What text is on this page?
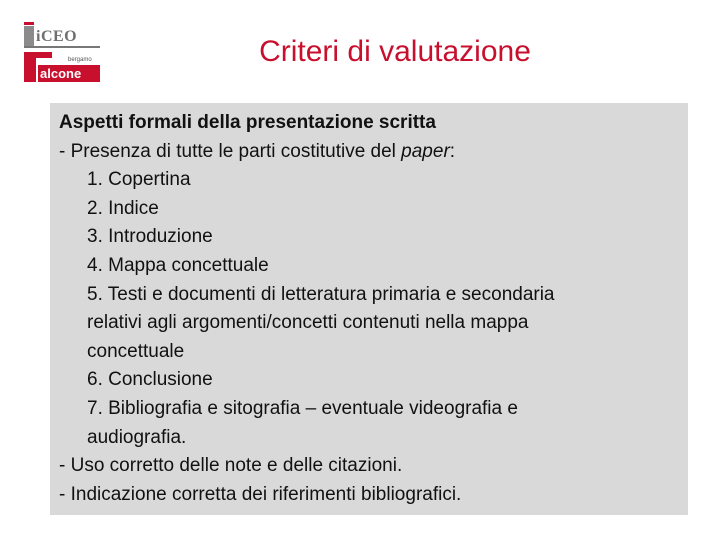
iCEO
bergamo
alcone
Criteri di valutazione
Aspetti formali della presentazione scritta
- Presenza di tutte le parti costitutive del paper:
1. Copertina
2. Indice
3. Introduzione
4. Mappa concettuale
5. Testi e documenti di letteratura primaria e secondaria
relativi agli argomenti/concetti contenuti nella mappa
concettuale
6. Conclusione
7. Bibliografia e sitografia – eventuale videografia e
audiografia.
- Uso corretto delle note e delle citazioni.
- Indicazione corretta dei riferimenti bibliografici.
